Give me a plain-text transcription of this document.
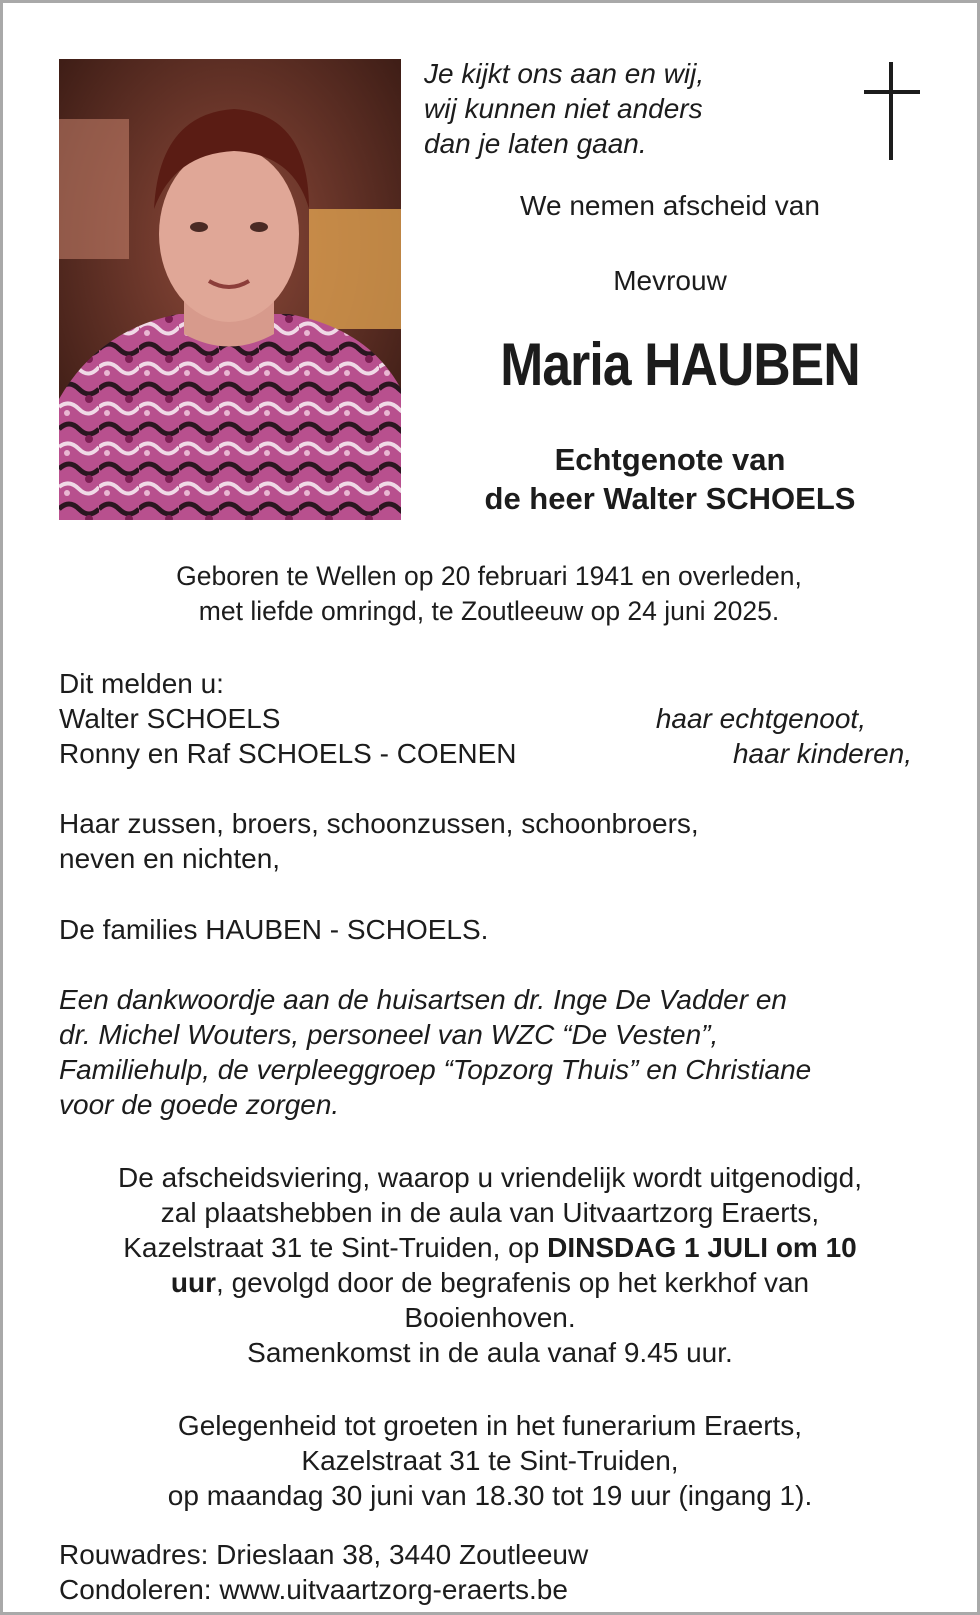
Je kijkt ons aan en wij,
wij kunnen niet anders
dan je laten gaan.
We nemen afscheid van
Mevrouw
Maria HAUBEN
Echtgenote van
de heer Walter SCHOELS
Geboren te Wellen op 20 februari 1941 en overleden,
met liefde omringd, te Zoutleeuw op 24 juni 2025.
Dit melden u:
Walter SCHOELS	haar echtgenoot,
Ronny en Raf SCHOELS - COENEN	haar kinderen,
Haar zussen, broers, schoonzussen, schoonbroers,
neven en nichten,
De families HAUBEN - SCHOELS.
Een dankwoordje aan de huisartsen dr. Inge De Vadder en
dr. Michel Wouters, personeel van WZC “De Vesten”,
Familiehulp, de verpleeggroep “Topzorg Thuis” en Christiane
voor de goede zorgen.
De afscheidsviering, waarop u vriendelijk wordt uitgenodigd,
zal plaatshebben in de aula van Uitvaartzorg Eraerts,
Kazelstraat 31 te Sint-Truiden, op DINSDAG 1 JULI om 10
uur, gevolgd door de begrafenis op het kerkhof van
Booienhoven.
Samenkomst in de aula vanaf 9.45 uur.
Gelegenheid tot groeten in het funerarium Eraerts,
Kazelstraat 31 te Sint-Truiden,
op maandag 30 juni van 18.30 tot 19 uur (ingang 1).
Rouwadres: Drieslaan 38, 3440 Zoutleeuw
Condoleren: www.uitvaartzorg-eraerts.be
